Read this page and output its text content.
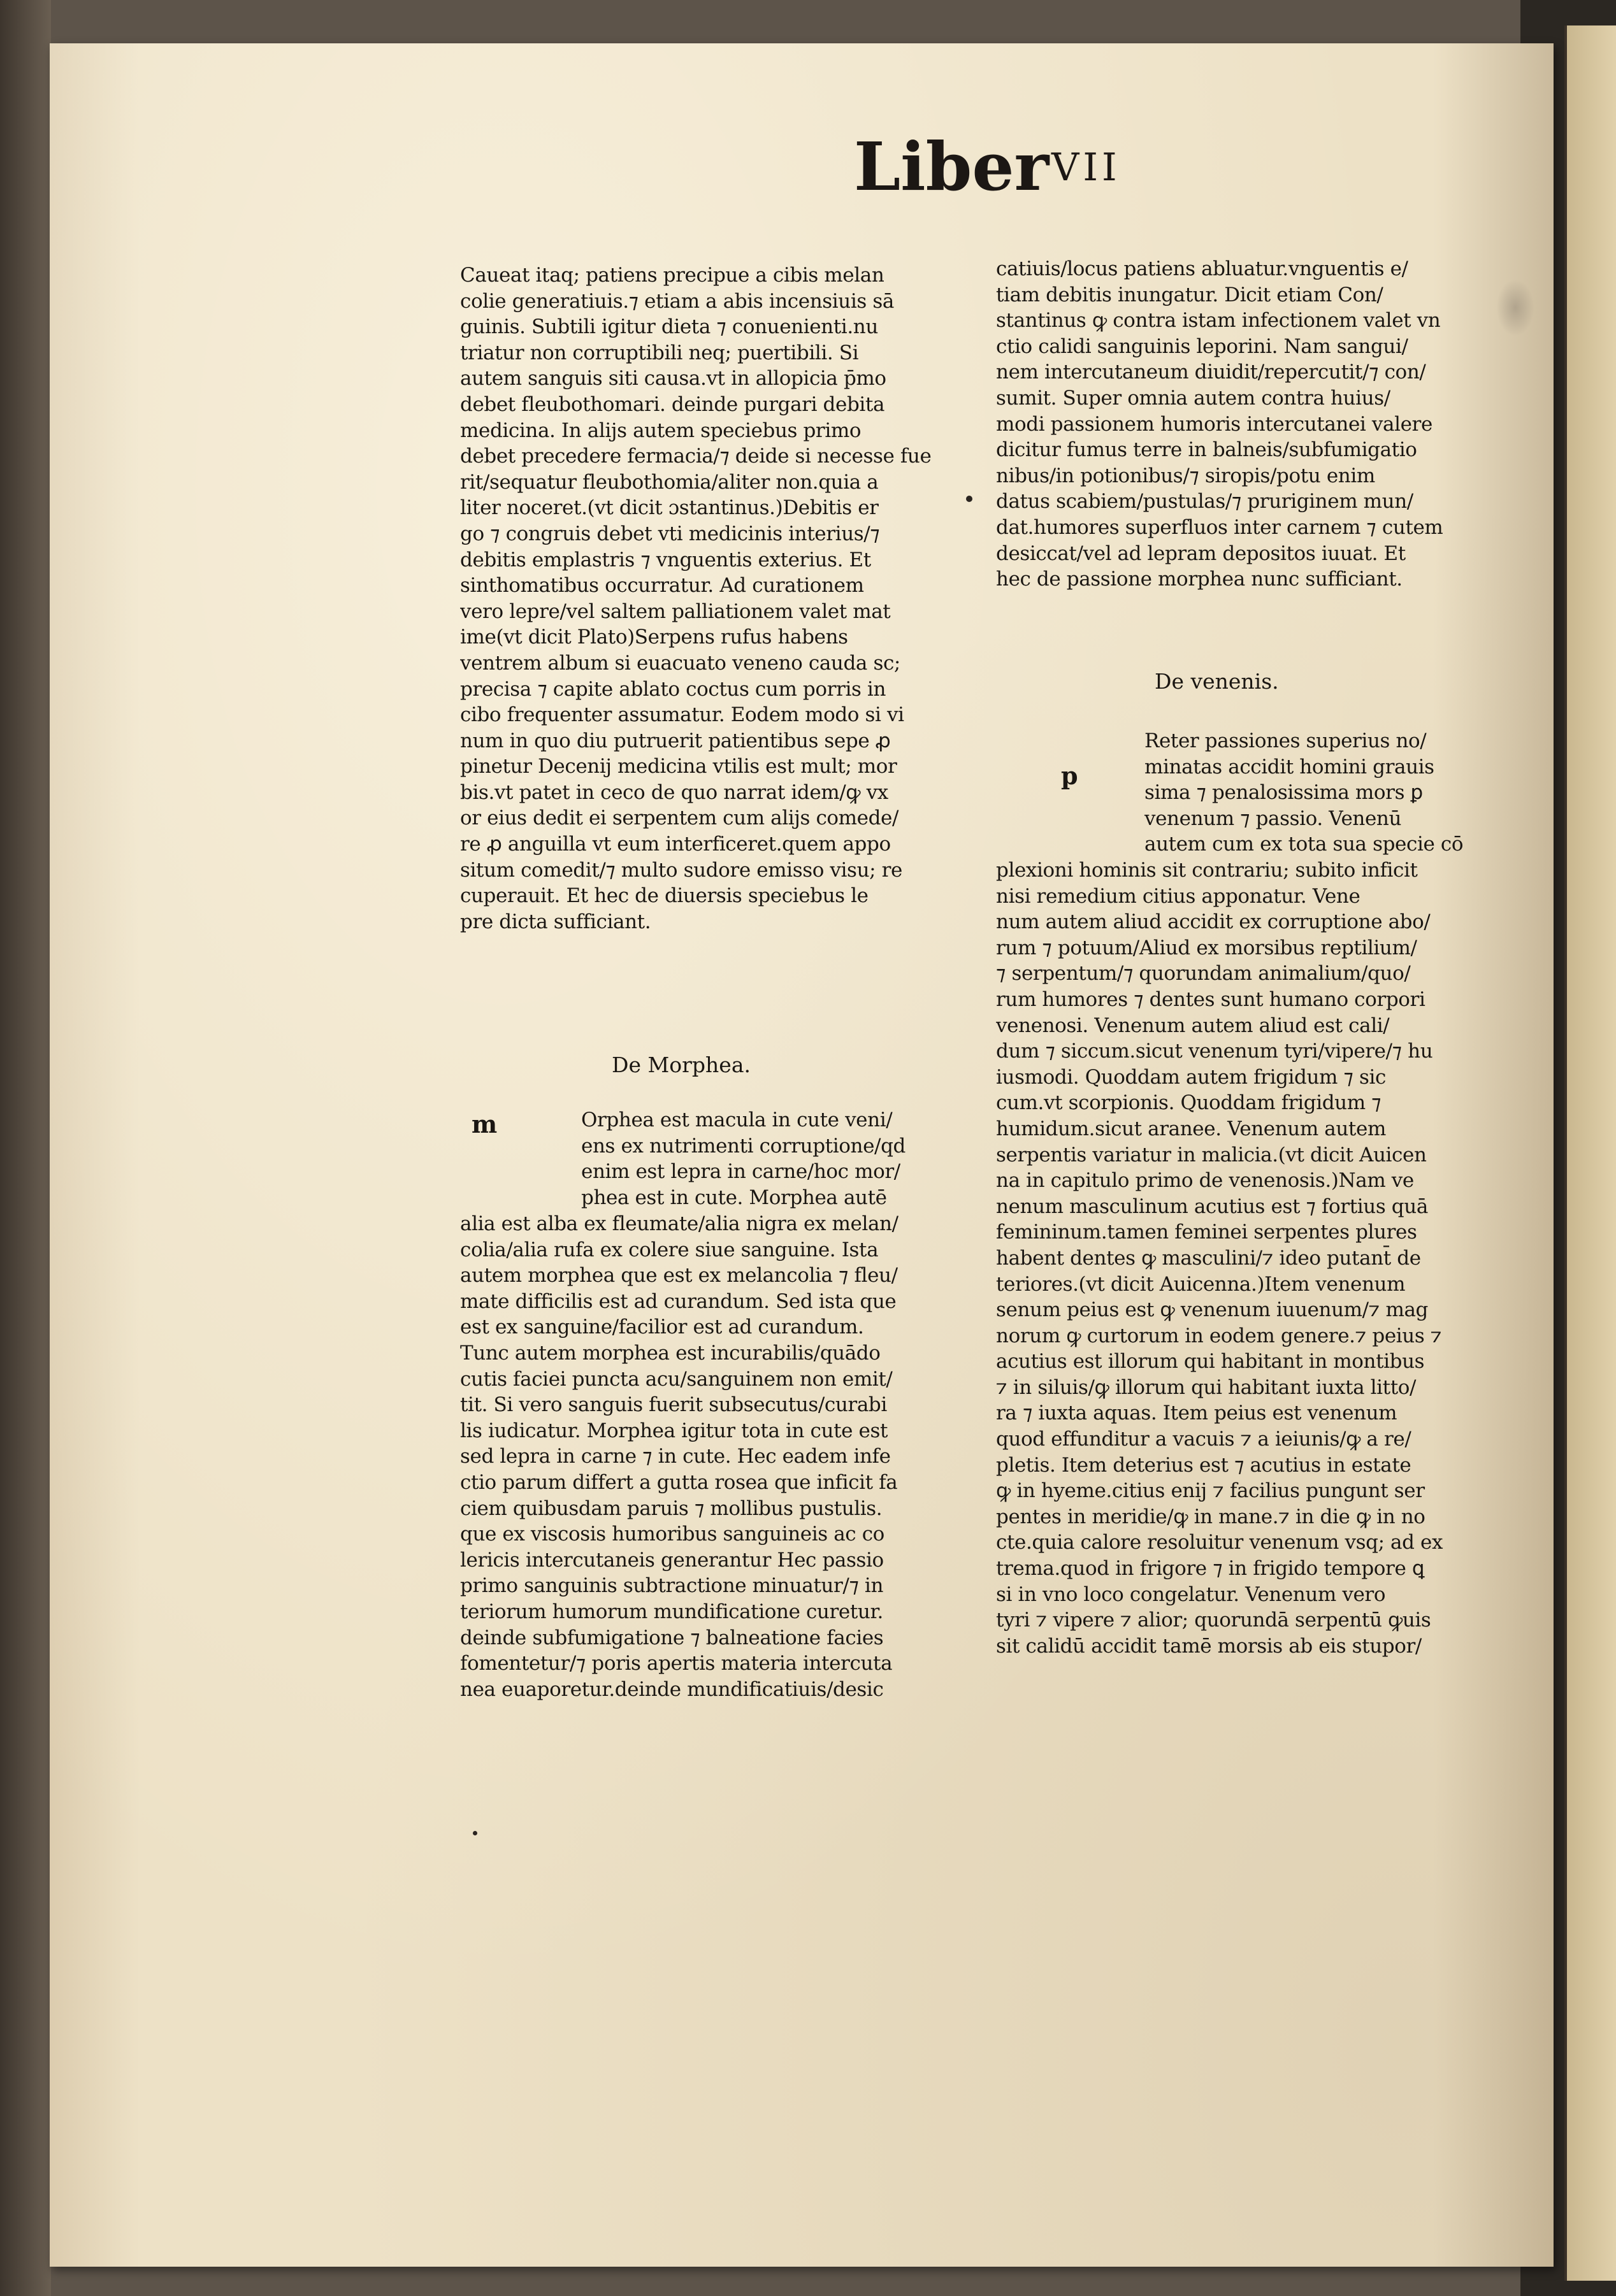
Liber VII

Caueat itaq; patiens precipue a cibis melan

colie generatiuis.⁊ etiam a abis incensiuis sā

guinis. Subtili igitur dieta ⁊ conuenienti.nu

triatur non corruptibili neq; puertibili. Si

autem sanguis siti causa.vt in allopicia p̄mo

debet fleubothomari. deinde purgari debita

medicina. In alijs autem speciebus primo

debet precedere fermacia/⁊ deide si necesse fue

rit/sequatur fleubothomia/aliter non.quia a

liter noceret.(vt dicit ɔstantinus.)Debitis er

go ⁊ congruis debet vti medicinis interius/⁊

debitis emplastris ⁊ vnguentis exterius. Et

sinthomatibus occurratur. Ad curationem

vero lepre/vel saltem palliationem valet mat

ime(vt dicit Plato)Serpens rufus habens

ventrem album si euacuato veneno cauda sc;

precisa ⁊ capite ablato coctus cum porris in

cibo frequenter assumatur. Eodem modo si vi

num in quo diu putruerit patientibus sepe ꝓ

pinetur Decenij medicina vtilis est mult; mor

bis.vt patet in ceco de quo narrat idem/ꝙ vx

or eius dedit ei serpentem cum alijs comede/

re ꝓ anguilla vt eum interficeret.quem appo

situm comedit/⁊ multo sudore emisso visu; re

cuperauit. Et hec de diuersis speciebus le

pre dicta sufficiant.

De Morphea.
m	Orphea est macula in cute veni/

ens ex nutrimenti corruptione/qd

enim est lepra in carne/hoc mor/

phea est in cute. Morphea autē

alia est alba ex fleumate/alia nigra ex melan/

colia/alia rufa ex colere siue sanguine. Ista

autem morphea que est ex melancolia ⁊ fleu/

mate difficilis est ad curandum. Sed ista que

est ex sanguine/facilior est ad curandum.

Tunc autem morphea est incurabilis/quādo

cutis faciei puncta acu/sanguinem non emit/

tit. Si vero sanguis fuerit subsecutus/curabi

lis iudicatur. Morphea igitur tota in cute est

sed lepra in carne ⁊ in cute. Hec eadem infe

ctio parum differt a gutta rosea que inficit fa

ciem quibusdam paruis ⁊ mollibus pustulis.

que ex viscosis humoribus sanguineis ac co

lericis intercutaneis generantur Hec passio

primo sanguinis subtractione minuatur/⁊ in

teriorum humorum mundificatione curetur.

deinde subfumigatione ⁊ balneatione facies

fomentetur/⁊ poris apertis materia intercuta

nea euaporetur.deinde mundificatiuis/desic

catiuis/locus patiens abluatur.vnguentis e/

tiam debitis inungatur. Dicit etiam Con/

stantinus ꝙ contra istam infectionem valet vn

ctio calidi sanguinis leporini. Nam sangui/

nem intercutaneum diuidit/repercutit/⁊ con/

sumit. Super omnia autem contra huius/

modi passionem humoris intercutanei valere

dicitur fumus terre in balneis/subfumigatio

nibus/in potionibus/⁊ siropis/potu enim

datus scabiem/pustulas/⁊ pruriginem mun/

dat.humores superfluos inter carnem ⁊ cutem

desiccat/vel ad lepram depositos iuuat. Et

hec de passione morphea nunc sufficiant.

De venenis.
p

Reter passiones superius no/

minatas accidit homini grauis

sima ⁊ penalosissima mors ꝑ

venenum ⁊ passio. Venenū

autem cum ex tota sua specie cō

plexioni hominis sit contrariu; subito inficit

nisi remedium citius apponatur. Vene

num autem aliud accidit ex corruptione abo/

rum ⁊ potuum/Aliud ex morsibus reptilium/

⁊ serpentum/⁊ quorundam animalium/quo/

rum humores ⁊ dentes sunt humano corpori

venenosi. Venenum autem aliud est cali/

dum ⁊ siccum.sicut venenum tyri/vipere/⁊ hu

iusmodi. Quoddam autem frigidum ⁊ sic

cum.vt scorpionis. Quoddam frigidum ⁊

humidum.sicut aranee. Venenum autem

serpentis variatur in malicia.(vt dicit Auicen

na in capitulo primo de venenosis.)Nam ve

nenum masculinum acutius est ⁊ fortius quā

femininum.tamen feminei serpentes plures

habent dentes ꝙ masculini/⁊ ideo putant̄ de

teriores.(vt dicit Auicenna.)Item venenum

senum peius est ꝙ venenum iuuenum/⁊ mag

norum ꝙ curtorum in eodem genere.⁊ peius ⁊

acutius est illorum qui habitant in montibus

⁊ in siluis/ꝙ illorum qui habitant iuxta litto/

ra ⁊ iuxta aquas. Item peius est venenum

quod effunditur a vacuis ⁊ a ieiunis/ꝙ a re/

pletis. Item deterius est ⁊ acutius in estate

ꝙ in hyeme.citius enij ⁊ facilius pungunt ser

pentes in meridie/ꝙ in mane.⁊ in die ꝙ in no

cte.quia calore resoluitur venenum vsq; ad ex

trema.quod in frigore ⁊ in frigido tempore ꝗ

si in vno loco congelatur. Venenum vero

tyri ⁊ vipere ⁊ alior; quorundā serpentū ꝙuis

sit calidū accidit tamē morsis ab eis stupor/
